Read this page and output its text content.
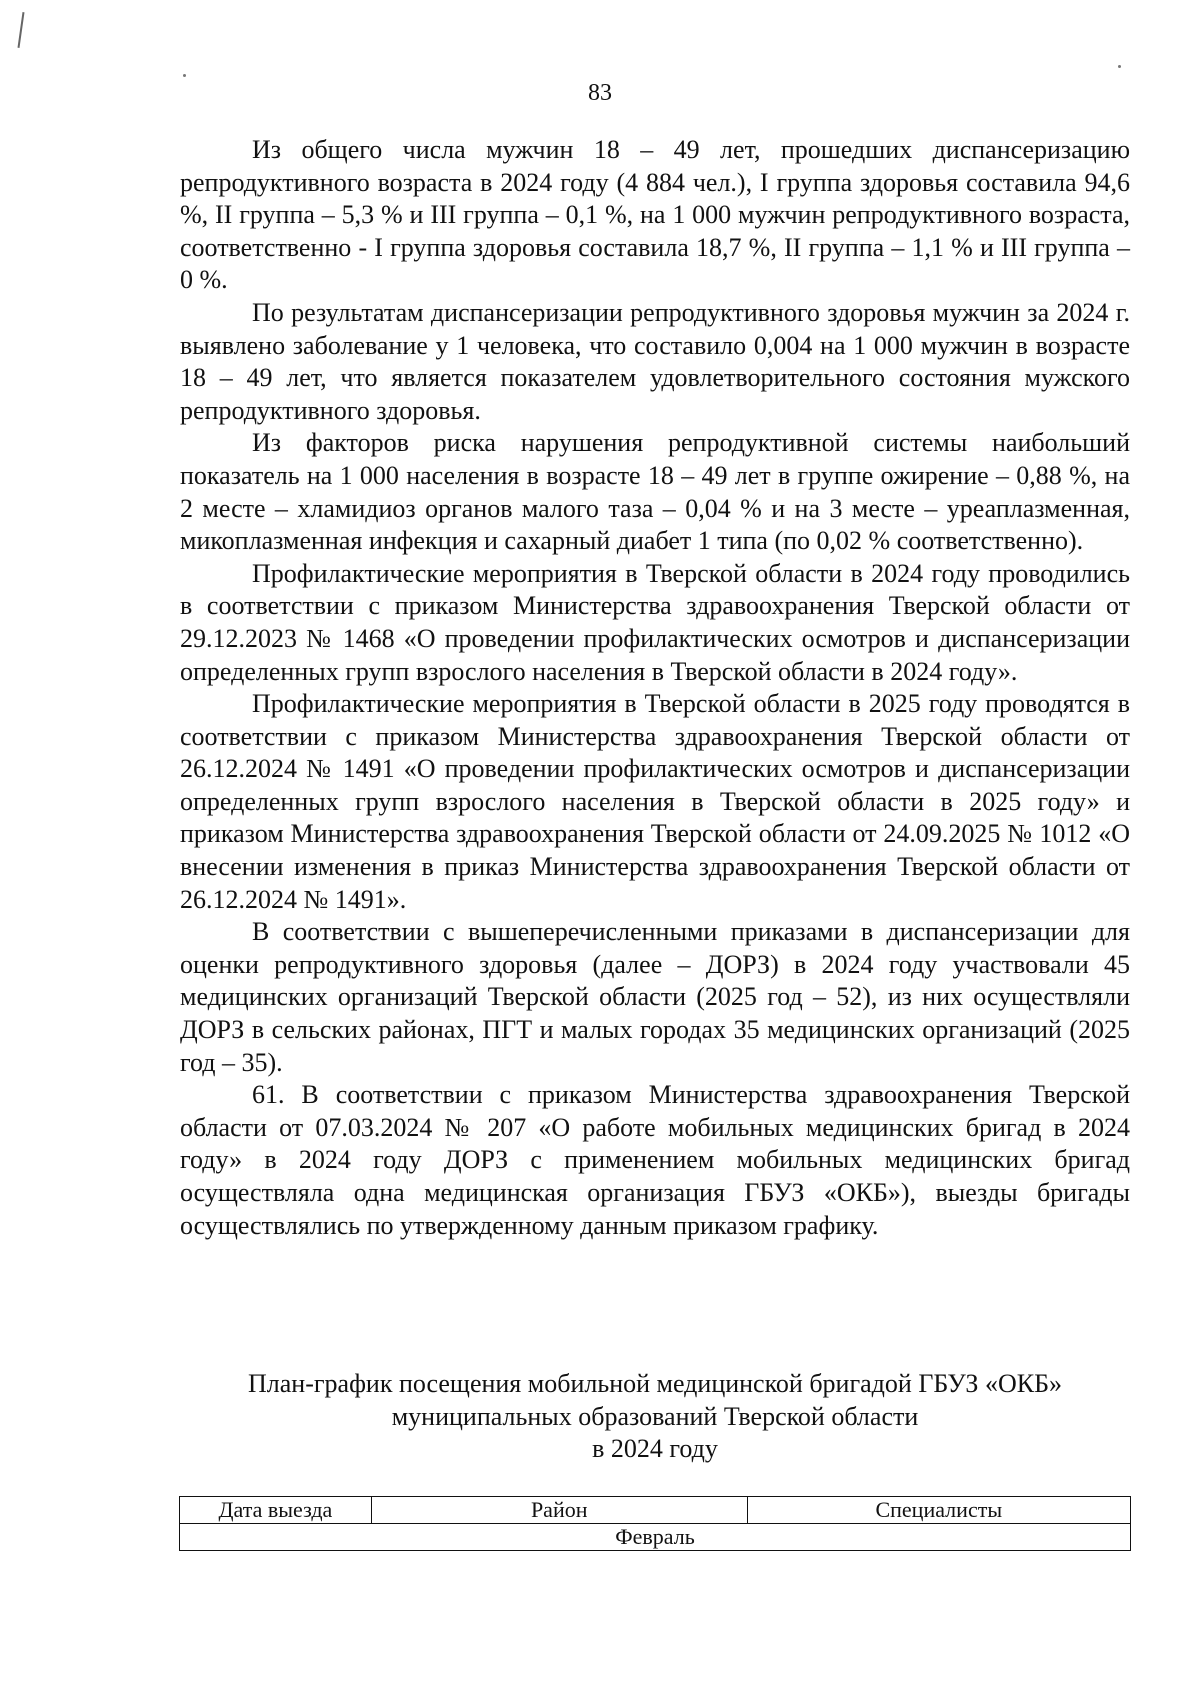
83

Из общего числа мужчин 18 – 49 лет, прошедших диспансеризацию репродуктивного возраста в 2024 году (4 884 чел.), I группа здоровья составила 94,6 %, II группа – 5,3 % и III группа – 0,1 %, на 1 000 мужчин репродуктивного возраста, соответственно - I группа здоровья составила 18,7 %, II группа – 1,1 % и III группа – 0 %.

По результатам диспансеризации репродуктивного здоровья мужчин за 2024 г. выявлено заболевание у 1 человека, что составило 0,004 на 1 000 мужчин в возрасте 18 – 49 лет, что является показателем удовлетворительного состояния мужского репродуктивного здоровья.

Из факторов риска нарушения репродуктивной системы наибольший показатель на 1 000 населения в возрасте 18 – 49 лет в группе ожирение – 0,88 %, на 2 месте – хламидиоз органов малого таза – 0,04 % и на 3 месте – уреаплазменная, микоплазменная инфекция и сахарный диабет 1 типа (по 0,02 % соответственно).

Профилактические мероприятия в Тверской области в 2024 году проводились в соответствии с приказом Министерства здравоохранения Тверской области от 29.12.2023 № 1468 «О проведении профилактических осмотров и диспансеризации определенных групп взрослого населения в Тверской области в 2024 году».

Профилактические мероприятия в Тверской области в 2025 году проводятся в соответствии с приказом Министерства здравоохранения Тверской области от 26.12.2024 № 1491 «О проведении профилактических осмотров и диспансеризации определенных групп взрослого населения в Тверской области в 2025 году» и приказом Министерства здравоохранения Тверской области от 24.09.2025 № 1012 «О внесении изменения в приказ Министерства здравоохранения Тверской области от 26.12.2024 № 1491».

В соответствии с вышеперечисленными приказами в диспансеризации для оценки репродуктивного здоровья (далее – ДОРЗ) в 2024 году участвовали 45 медицинских организаций Тверской области (2025 год – 52), из них осуществляли ДОРЗ в сельских районах, ПГТ и малых городах 35 медицинских организаций (2025 год – 35).

61. В соответствии с приказом Министерства здравоохранения Тверской области от 07.03.2024 № 207 «О работе мобильных медицинских бригад в 2024 году» в 2024 году ДОРЗ с применением мобильных медицинских бригад осуществляла одна медицинская организация ГБУЗ «ОКБ»), выезды бригады осуществлялись по утвержденному данным приказом графику.

План-график посещения мобильной медицинской бригадой ГБУЗ «ОКБ»
муниципальных образований Тверской области
в 2024 году
Дата выезда	Район	Специалисты
Февраль
